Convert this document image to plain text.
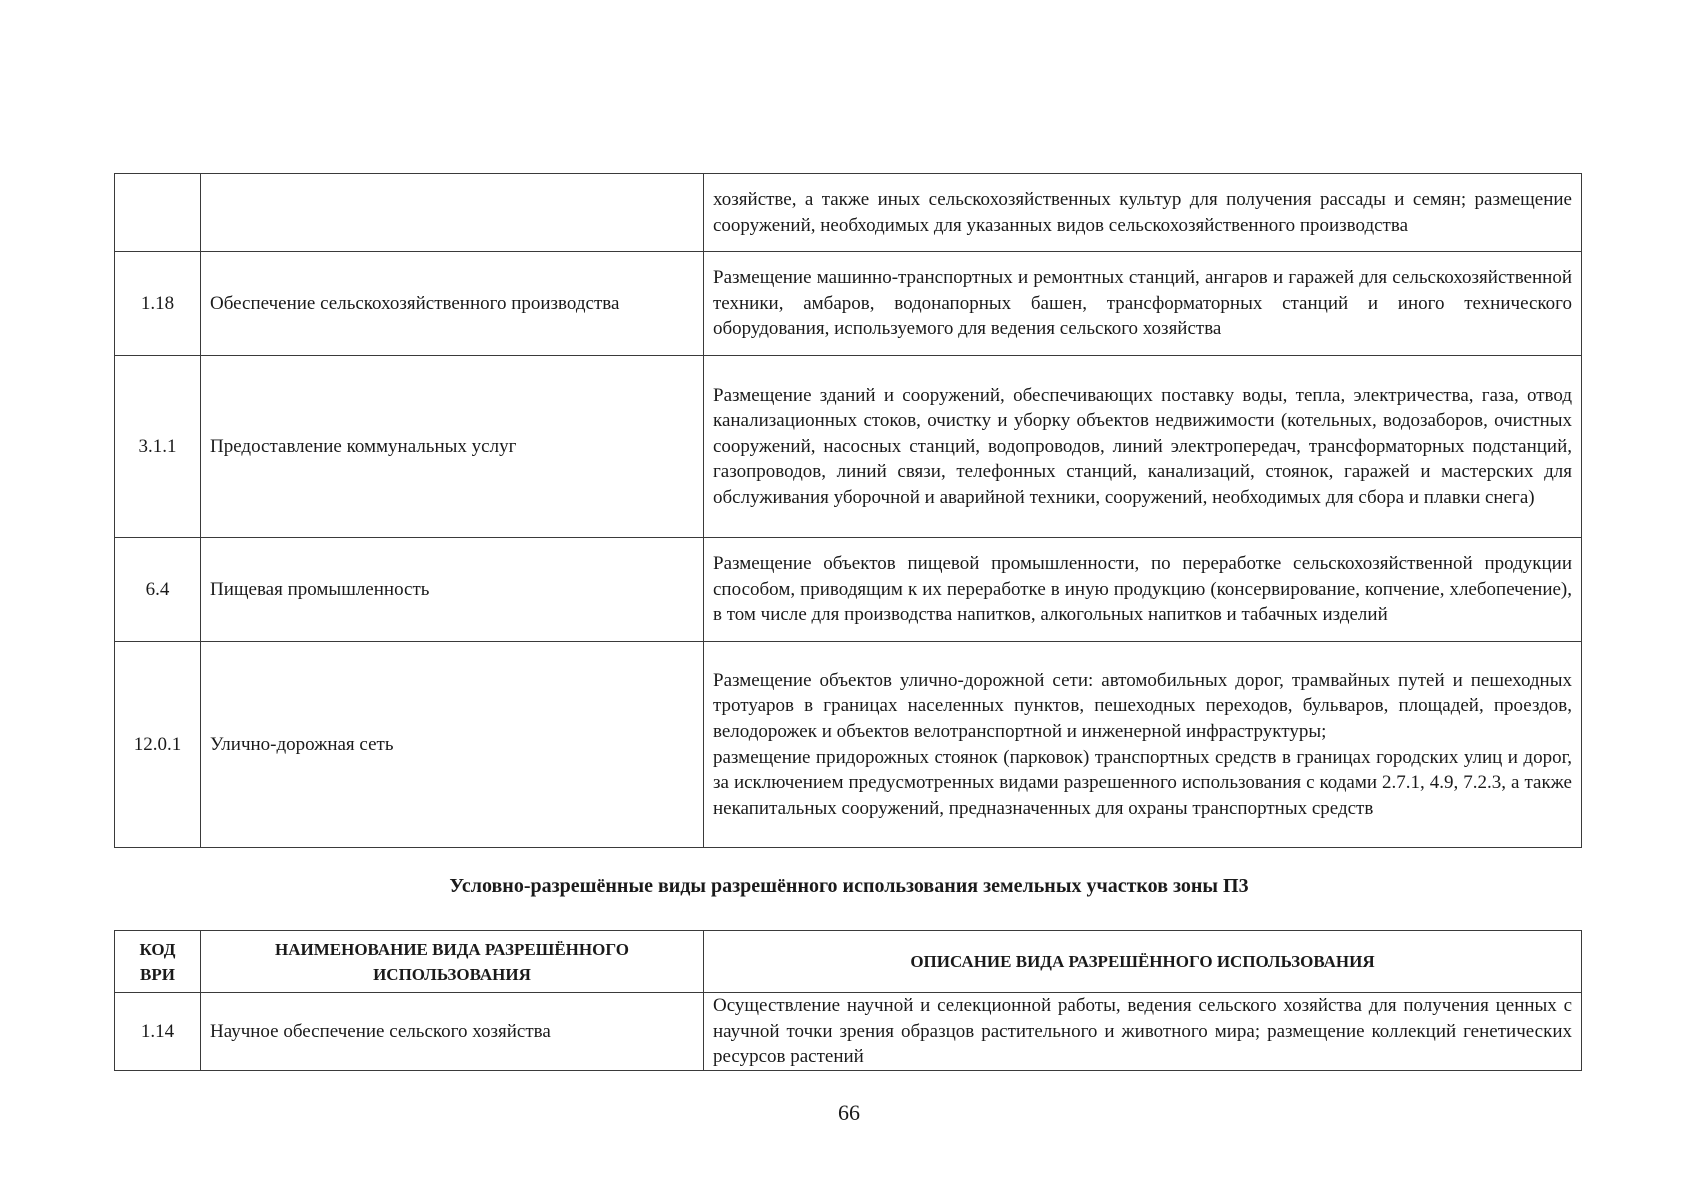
		хозяйстве, а также иных сельскохозяйственных культур для получения рассады и семян; размещение сооружений, необходимых для указанных видов сельскохозяйственного производства

1.18	Обеспечение сельскохозяйственного производства	Размещение машинно-транспортных и ремонтных станций, ангаров и гаражей для сельскохозяйственной техники, амбаров, водонапорных башен, трансформаторных станций и иного технического оборудования, используемого для ведения сельского хозяйства

3.1.1	Предоставление коммунальных услуг	Размещение зданий и сооружений, обеспечивающих поставку воды, тепла, электричества, газа, отвод канализационных стоков, очистку и уборку объектов недвижимости (котельных, водозаборов, очистных сооружений, насосных станций, водопроводов, линий электропередач, трансформаторных подстанций, газопроводов, линий связи, телефонных станций, канализаций, стоянок, гаражей и мастерских для обслуживания уборочной и аварийной техники, сооружений, необходимых для сбора и плавки снега)

6.4	Пищевая промышленность	Размещение объектов пищевой промышленности, по переработке сельскохозяйственной продукции способом, приводящим к их переработке в иную продукцию (консервирование, копчение, хлебопечение), в том числе для производства напитков, алкогольных напитков и табачных изделий

12.0.1	Улично-дорожная сеть	Размещение объектов улично-дорожной сети: автомобильных дорог, трамвайных путей и пешеходных тротуаров в границах населенных пунктов, пешеходных переходов, бульваров, площадей, проездов, велодорожек и объектов велотранспортной и инженерной инфраструктуры;
размещение придорожных стоянок (парковок) транспортных средств в границах городских улиц и дорог, за исключением предусмотренных видами разрешенного использования с кодами 2.7.1, 4.9, 7.2.3, а также некапитальных сооружений, предназначенных для охраны транспортных средств
Условно-разрешённые виды разрешённого использования земельных участков зоны П3
КОД ВРИ	НАИМЕНОВАНИЕ ВИДА РАЗРЕШЁННОГО ИСПОЛЬЗОВАНИЯ	ОПИСАНИЕ ВИДА РАЗРЕШЁННОГО ИСПОЛЬЗОВАНИЯ
1.14	Научное обеспечение сельского хозяйства	Осуществление научной и селекционной работы, ведения сельского хозяйства для получения ценных с научной точки зрения образцов растительного и животного мира; размещение коллекций генетических ресурсов растений
66
